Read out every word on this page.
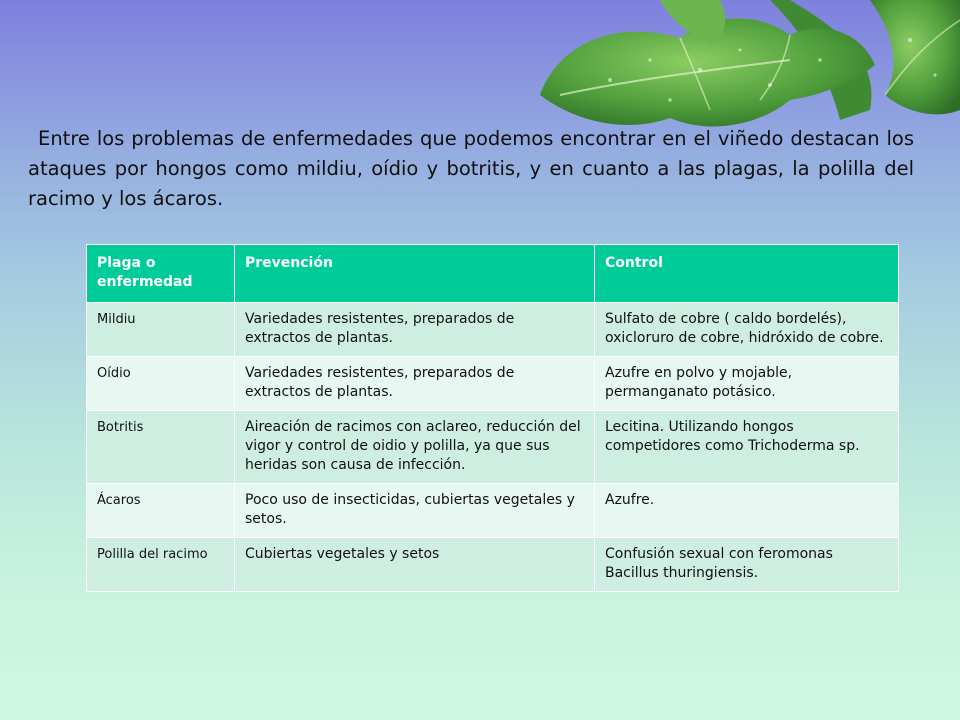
Entre los problemas de enfermedades que podemos encontrar en el viñedo destacan los ataques por hongos como mildiu, oídio y botritis, y en cuanto a las plagas, la polilla del racimo y los ácaros.

Plaga o enfermedad	Prevención	Control
Mildiu	Variedades resistentes, preparados de extractos de plantas.	Sulfato de cobre ( caldo bordelés), oxicloruro de cobre, hidróxido de cobre.
Oídio	Variedades resistentes, preparados de extractos de plantas.	Azufre en polvo y mojable, permanganato potásico.
Botritis	Aireación de racimos con aclareo, reducción del vigor y control de oidio y polilla, ya que sus heridas son causa de infección.	Lecitina. Utilizando hongos competidores como Trichoderma sp.
Ácaros	Poco uso de insecticidas, cubiertas vegetales y setos.	Azufre.
Polilla del racimo	Cubiertas vegetales y setos	Confusión sexual con feromonas Bacillus thuringiensis.
